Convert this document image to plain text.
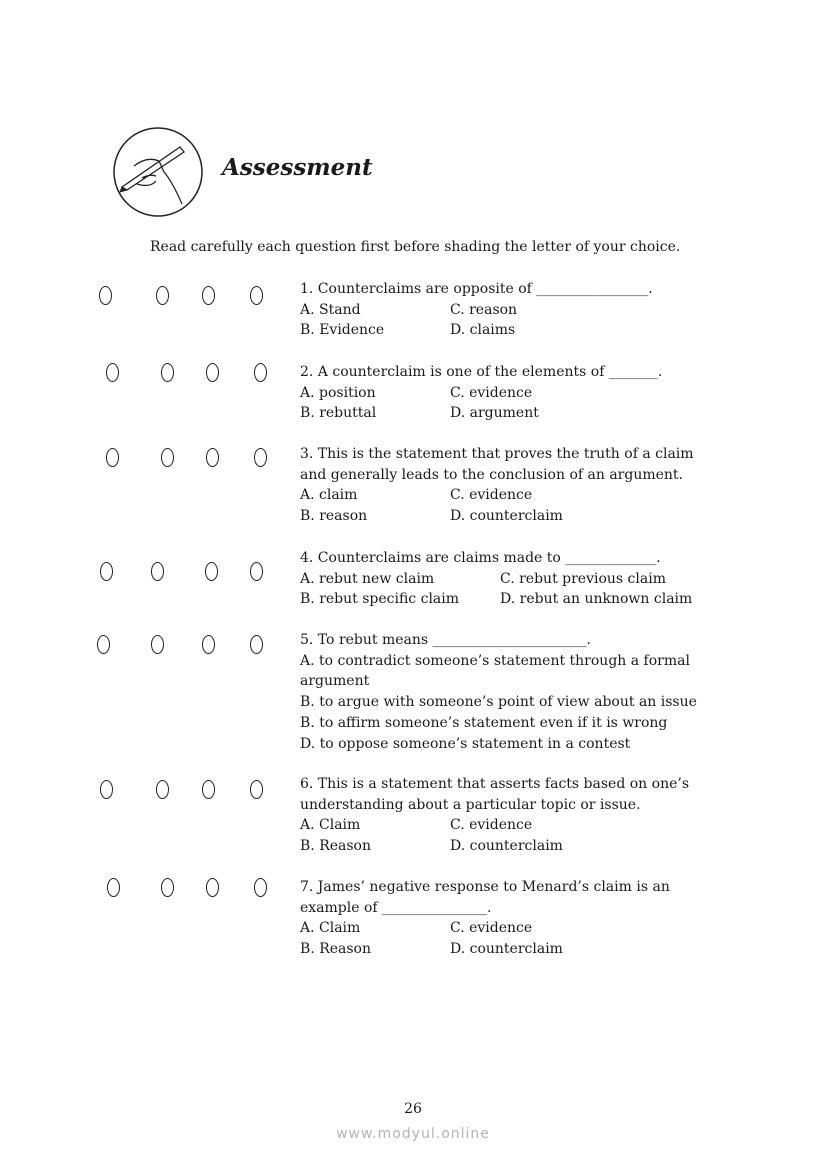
Assessment
Read carefully each question first before shading the letter of your choice.
1. Counterclaims are opposite of ________________.
A. Stand	C. reason
B. Evidence	D. claims
2. A counterclaim is one of the elements of _______.
A. position	C. evidence
B. rebuttal	D. argument
3. This is the statement that proves the truth of a claim
and generally leads to the conclusion of an argument.
A. claim	C. evidence
B. reason	D. counterclaim
4. Counterclaims are claims made to _____________.
A. rebut new claim	C. rebut previous claim
B. rebut specific claim	D. rebut an unknown claim
5. To rebut means ______________________.
A. to contradict someone’s statement through a formal
argument
B. to argue with someone’s point of view about an issue
B. to affirm someone’s statement even if it is wrong
D. to oppose someone’s statement in a contest
6. This is a statement that asserts facts based on one’s
understanding about a particular topic or issue.
A. Claim	C. evidence
B. Reason	D. counterclaim
7. James’ negative response to Menard’s claim is an
example of _______________.
A. Claim	C. evidence
B. Reason	D. counterclaim
26
www.modyul.online
